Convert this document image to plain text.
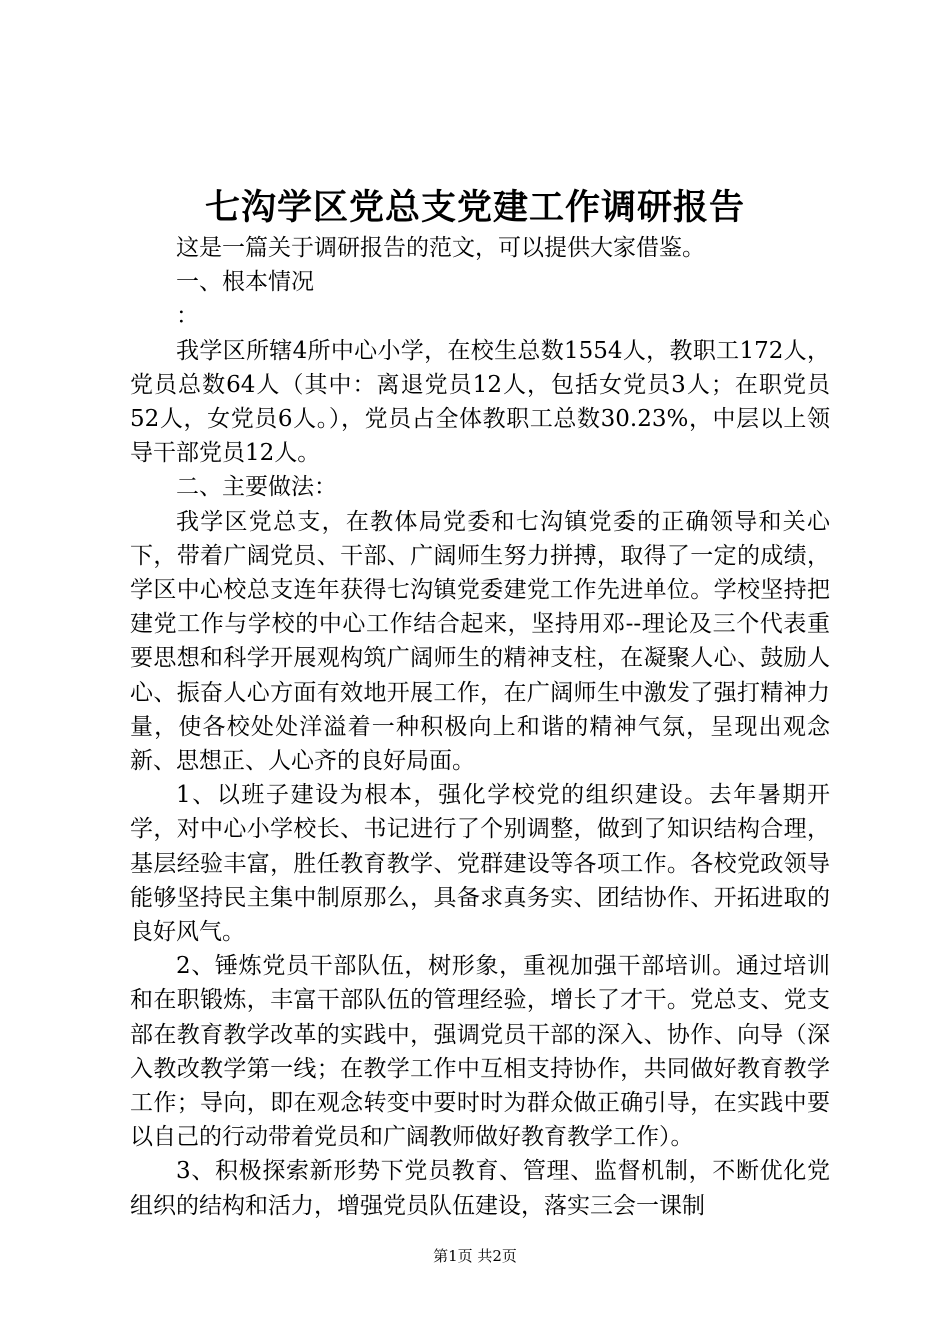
七沟学区党总支党建工作调研报告

这是一篇关于调研报告的范文，可以提供大家借鉴。

一、根本情况

：

我学区所辖4所中心小学，在校生总数1554人，教职工172人，党员总数64人（其中：离退党员12人，包括女党员3人；在职党员52人，女党员6人。），党员占全体教职工总数30.23%，中层以上领导干部党员12人。

二、主要做法：

我学区党总支，在教体局党委和七沟镇党委的正确领导和关心下，带着广阔党员、干部、广阔师生努力拼搏，取得了一定的成绩，学区中心校总支连年获得七沟镇党委建党工作先进单位。学校坚持把建党工作与学校的中心工作结合起来，坚持用邓--理论及三个代表重要思想和科学开展观构筑广阔师生的精神支柱，在凝聚人心、鼓励人心、振奋人心方面有效地开展工作，在广阔师生中激发了强打精神力量，使各校处处洋溢着一种积极向上和谐的精神气氛，呈现出观念新、思想正、人心齐的良好局面。

1、以班子建设为根本，强化学校党的组织建设。去年暑期开学，对中心小学校长、书记进行了个别调整，做到了知识结构合理，基层经验丰富，胜任教育教学、党群建设等各项工作。各校党政领导能够坚持民主集中制原那么，具备求真务实、团结协作、开拓进取的良好风气。

2、锤炼党员干部队伍，树形象，重视加强干部培训。通过培训和在职锻炼，丰富干部队伍的管理经验，增长了才干。党总支、党支部在教育教学改革的实践中，强调党员干部的深入、协作、向导（深入教改教学第一线；在教学工作中互相支持协作，共同做好教育教学工作；导向，即在观念转变中要时时为群众做正确引导，在实践中要以自己的行动带着党员和广阔教师做好教育教学工作）。

3、积极探索新形势下党员教育、管理、监督机制，不断优化党组织的结构和活力，增强党员队伍建设，落实三会一课制

第1页 共2页
